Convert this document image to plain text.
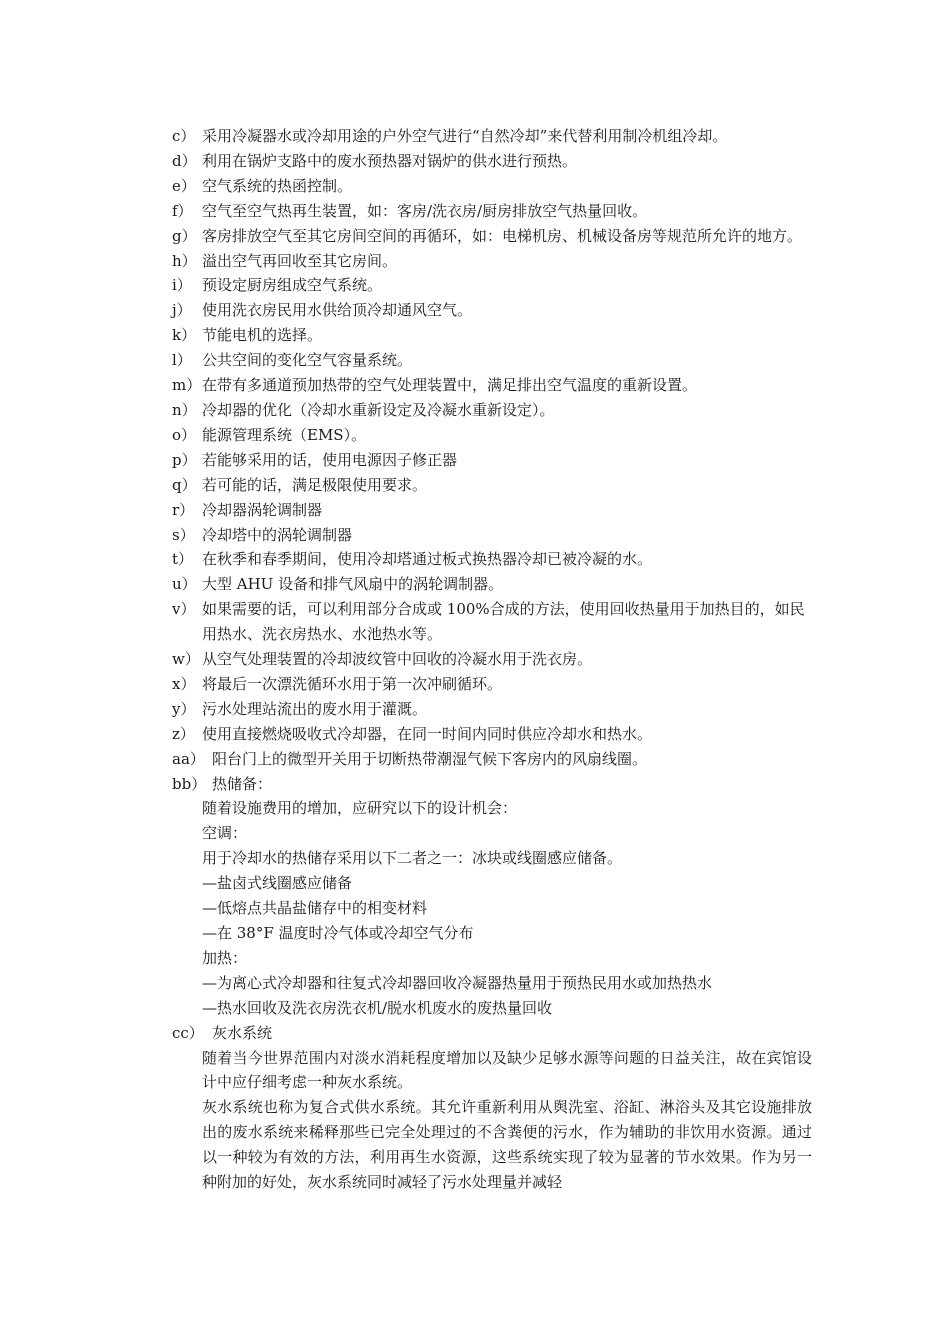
c） 采用冷凝器水或冷却用途的户外空气进行“自然冷却”来代替利用制冷机组冷却。
d） 利用在锅炉支路中的废水预热器对锅炉的供水进行预热。
e） 空气系统的热函控制。
f） 空气至空气热再生装置，如：客房/洗衣房/厨房排放空气热量回收。
g） 客房排放空气至其它房间空间的再循环，如：电梯机房、机械设备房等规范所允许的地方。
h） 溢出空气再回收至其它房间。
i） 预设定厨房组成空气系统。
j） 使用洗衣房民用水供给顶冷却通风空气。
k） 节能电机的选择。
l） 公共空间的变化空气容量系统。
m） 在带有多通道预加热带的空气处理装置中，满足排出空气温度的重新设置。
n） 冷却器的优化（冷却水重新设定及冷凝水重新设定）。
o） 能源管理系统（EMS）。
p） 若能够采用的话，使用电源因子修正器
q） 若可能的话，满足极限使用要求。
r） 冷却器涡轮调制器
s） 冷却塔中的涡轮调制器
t） 在秋季和春季期间，使用冷却塔通过板式换热器冷却已被冷凝的水。
u） 大型 AHU 设备和排气风扇中的涡轮调制器。
v） 如果需要的话，可以利用部分合成或 100%合成的方法，使用回收热量用于加热目的，如民用热水、洗衣房热水、水池热水等。
w） 从空气处理装置的冷却波纹管中回收的冷凝水用于洗衣房。
x） 将最后一次漂洗循环水用于第一次冲刷循环。
y） 污水处理站流出的废水用于灌溉。
z） 使用直接燃烧吸收式冷却器，在同一时间内同时供应冷却水和热水。
aa） 阳台门上的微型开关用于切断热带潮湿气候下客房内的风扇线圈。
bb） 热储备：
随着设施费用的增加，应研究以下的设计机会：
空调：
用于冷却水的热储存采用以下二者之一：冰块或线圈感应储备。
—盐卤式线圈感应储备
—低熔点共晶盐储存中的相变材料
—在 38°F 温度时冷气体或冷却空气分布
加热：
—为离心式冷却器和往复式冷却器回收冷凝器热量用于预热民用水或加热热水
—热水回收及洗衣房洗衣机/脱水机废水的废热量回收
cc） 灰水系统
随着当今世界范围内对淡水消耗程度增加以及缺少足够水源等问题的日益关注，故在宾馆设计中应仔细考虑一种灰水系统。
灰水系统也称为复合式供水系统。其允许重新利用从舆洗室、浴缸、淋浴头及其它设施排放出的废水系统来稀释那些已完全处理过的不含粪便的污水，作为辅助的非饮用水资源。通过以一种较为有效的方法，利用再生水资源，这些系统实现了较为显著的节水效果。作为另一种附加的好处，灰水系统同时减轻了污水处理量并减轻
